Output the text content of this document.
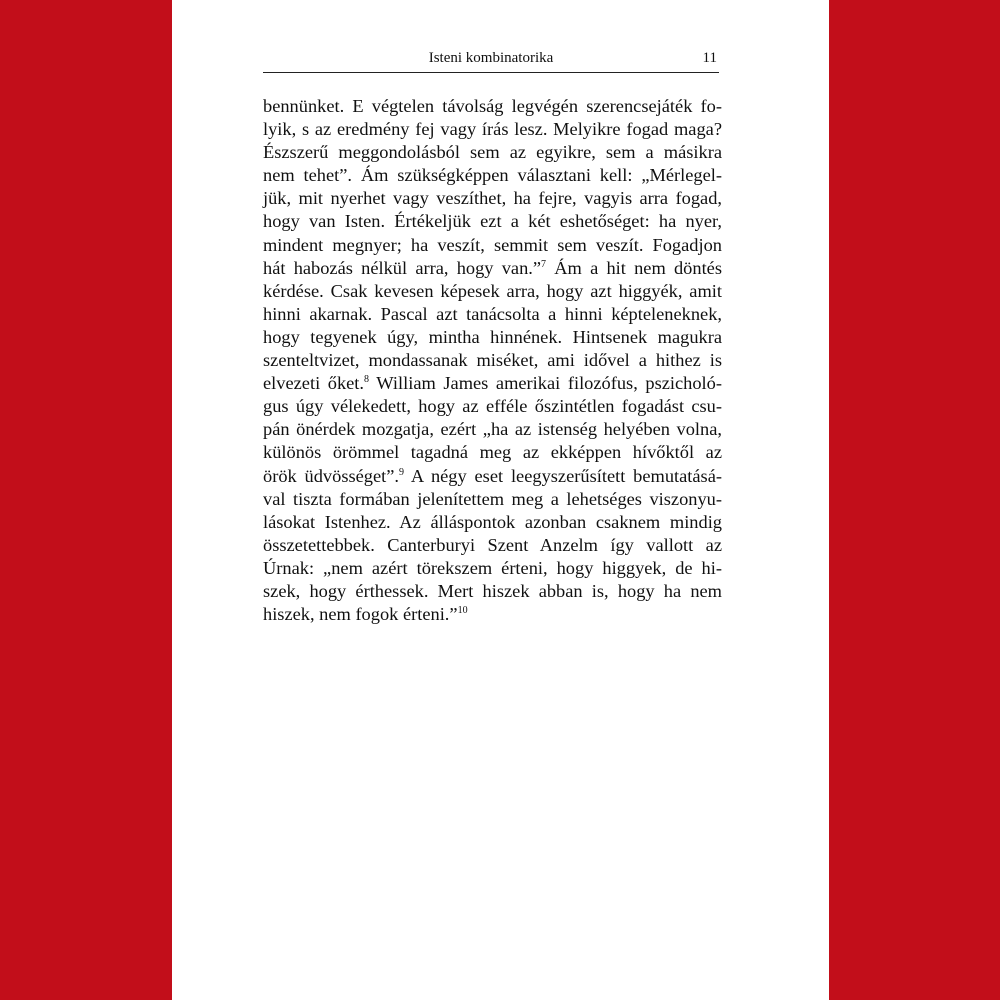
Isteni kombinatorika	11
bennünket. E végtelen távolság legvégén szerencsejáték fo-
lyik, s az eredmény fej vagy írás lesz. Melyikre fogad maga?
Észszerű meggondolásból sem az egyikre, sem a másikra
nem tehet”. Ám szükségképpen választani kell: „Mérlegel-
jük, mit nyerhet vagy veszíthet, ha fejre, vagyis arra fogad,
hogy van Isten. Értékeljük ezt a két eshetőséget: ha nyer,
mindent megnyer; ha veszít, semmit sem veszít. Fogadjon
hát habozás nélkül arra, hogy van.”$^7$ Ám a hit nem döntés
kérdése. Csak kevesen képesek arra, hogy azt higgyék, amit
hinni akarnak. Pascal azt tanácsolta a hinni képteleneknek,
hogy tegyenek úgy, mintha hinnének. Hintsenek magukra
szenteltvizet, mondassanak miséket, ami idővel a hithez is
elvezeti őket.$^8$ William James amerikai filozófus, pszicholó-
gus úgy vélekedett, hogy az efféle őszintétlen fogadást csu-
pán önérdek mozgatja, ezért „ha az istenség helyében volna,
különös örömmel tagadná meg az ekképpen hívőktől az
örök üdvösséget”.$^9$ A négy eset leegyszerűsített bemutatásá-
val tiszta formában jelenítettem meg a lehetséges viszonyu-
lásokat Istenhez. Az álláspontok azonban csaknem mindig
összetettebbek. Canterburyi Szent Anzelm így vallott az
Úrnak: „nem azért törekszem érteni, hogy higgyek, de hi-
szek, hogy érthessek. Mert hiszek abban is, hogy ha nem
hiszek, nem fogok érteni.”$^{10}$
